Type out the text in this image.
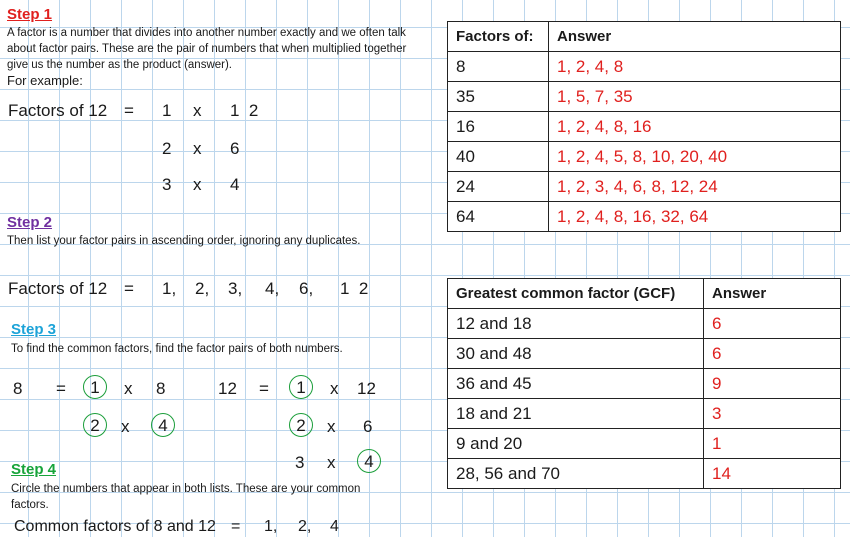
Step 1
A factor is a number that divides into another number exactly and we often talk about factor pairs. These are the pair of numbers that when multiplied together give us the number as the product (answer).
For example:
Factors of 12 = 1 x 1  2
2 x 6
3 x 4
Step 2
Then list your factor pairs in ascending order, ignoring any duplicates.
Factors of 12 = 1, 2, 3, 4, 6, 1  2
Step 3
To find the common factors, find the factor pairs of both numbers.
8 =	1	x 8
2	x	4
12 =	1	x 12
2	x 6
3 x	4
Step 4
Circle the numbers that appear in both lists. These are your common factors.
Common factors of 8 and 12 = 1, 2, 4
Factors of:	Answer
8	1, 2, 4, 8
35	1, 5, 7, 35
16	1, 2, 4, 8, 16
40	1, 2, 4, 5, 8, 10, 20, 40
24	1, 2, 3, 4, 6, 8, 12, 24
64	1, 2, 4, 8, 16, 32, 64
Greatest common factor (GCF)	Answer
12 and 18	6
30 and 48	6
36 and 45	9
18 and 21	3
9 and 20	1
28, 56 and 70	14
